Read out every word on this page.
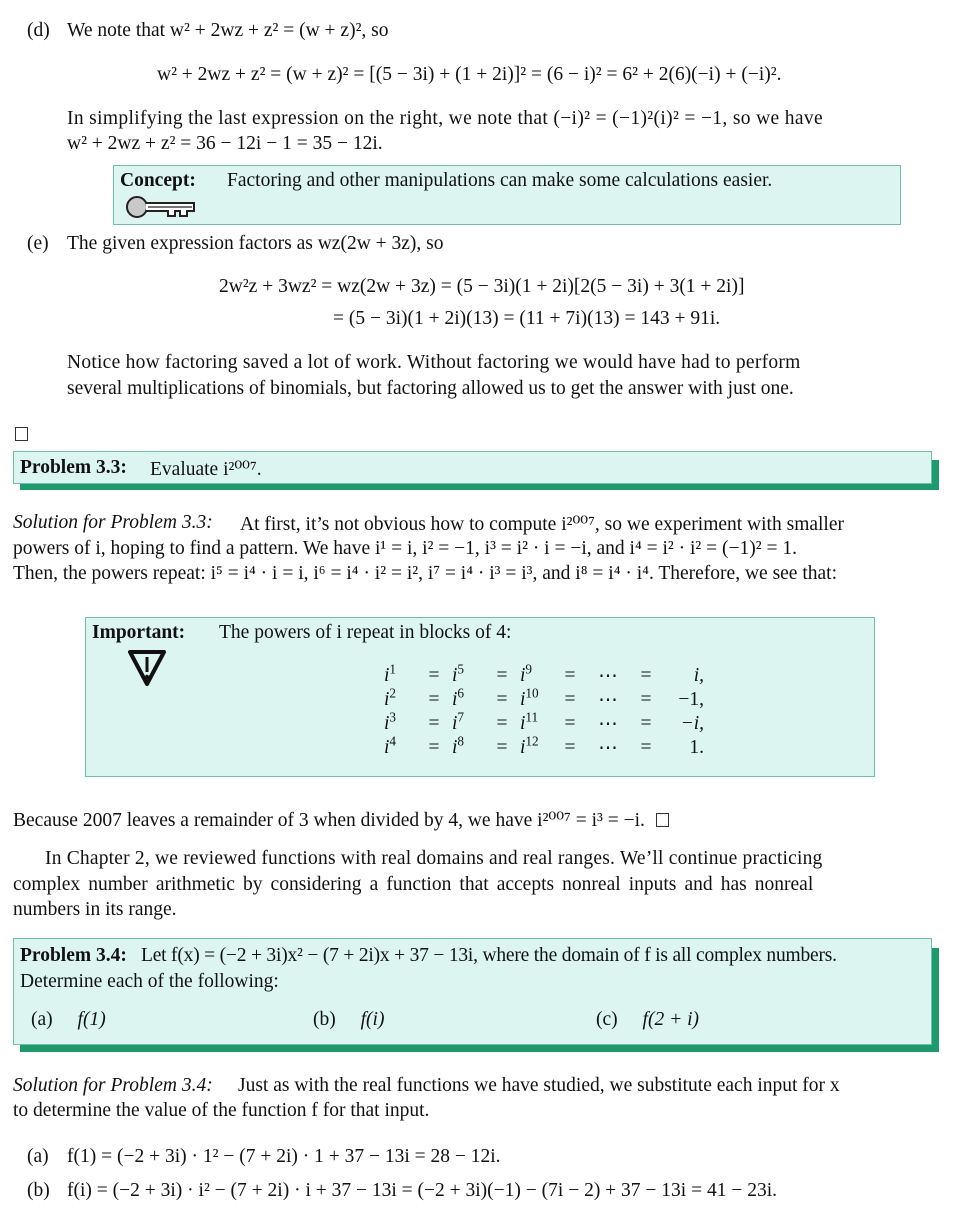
(d) We note that w² + 2wz + z² = (w + z)², so
w² + 2wz + z² = (w + z)² = [(5 − 3i) + (1 + 2i)]² = (6 − i)² = 6² + 2(6)(−i) + (−i)².
In simplifying the last expression on the right, we note that (−i)² = (−1)²(i)² = −1, so we have
w² + 2wz + z² = 36 − 12i − 1 = 35 − 12i.
Concept: Factoring and other manipulations can make some calculations easier.
(e) The given expression factors as wz(2w + 3z), so
2w²z + 3wz² = wz(2w + 3z) = (5 − 3i)(1 + 2i)[2(5 − 3i) + 3(1 + 2i)]
= (5 − 3i)(1 + 2i)(13) = (11 + 7i)(13) = 143 + 91i.
Notice how factoring saved a lot of work. Without factoring we would have had to perform
several multiplications of binomials, but factoring allowed us to get the answer with just one.
Problem 3.3: Evaluate i²⁰⁰⁷.
Solution for Problem 3.3: At first, it’s not obvious how to compute i²⁰⁰⁷, so we experiment with smaller
powers of i, hoping to find a pattern. We have i¹ = i, i² = −1, i³ = i² · i = −i, and i⁴ = i² · i² = (−1)² = 1.
Then, the powers repeat: i⁵ = i⁴ · i = i, i⁶ = i⁴ · i² = i², i⁷ = i⁴ · i³ = i³, and i⁸ = i⁴ · i⁴. Therefore, we see that:
Important: The powers of i repeat in blocks of 4:
$i^1$	=	$i^5$	=	$i^9$	=	⋯	=	i,
$i^2$	=	$i^6$	=	$i^{10}$	=	⋯	=	−1,
$i^3$	=	$i^7$	=	$i^{11}$	=	⋯	=	−i,
$i^4$	=	$i^8$	=	$i^{12}$	=	⋯	=	1.
Because 2007 leaves a remainder of 3 when divided by 4, we have i²⁰⁰⁷ = i³ = −i.
In Chapter 2, we reviewed functions with real domains and real ranges. We’ll continue practicing
complex number arithmetic by considering a function that accepts nonreal inputs and has nonreal
numbers in its range.
Problem 3.4: Let f(x) = (−2 + 3i)x² − (7 + 2i)x + 37 − 13i, where the domain of f is all complex numbers.
Determine each of the following:
(a) f(1)	(b) f(i)	(c) f(2 + i)
Solution for Problem 3.4: Just as with the real functions we have studied, we substitute each input for x
to determine the value of the function f for that input.
(a) f(1) = (−2 + 3i) · 1² − (7 + 2i) · 1 + 37 − 13i = 28 − 12i.
(b) f(i) = (−2 + 3i) · i² − (7 + 2i) · i + 37 − 13i = (−2 + 3i)(−1) − (7i − 2) + 37 − 13i = 41 − 23i.
